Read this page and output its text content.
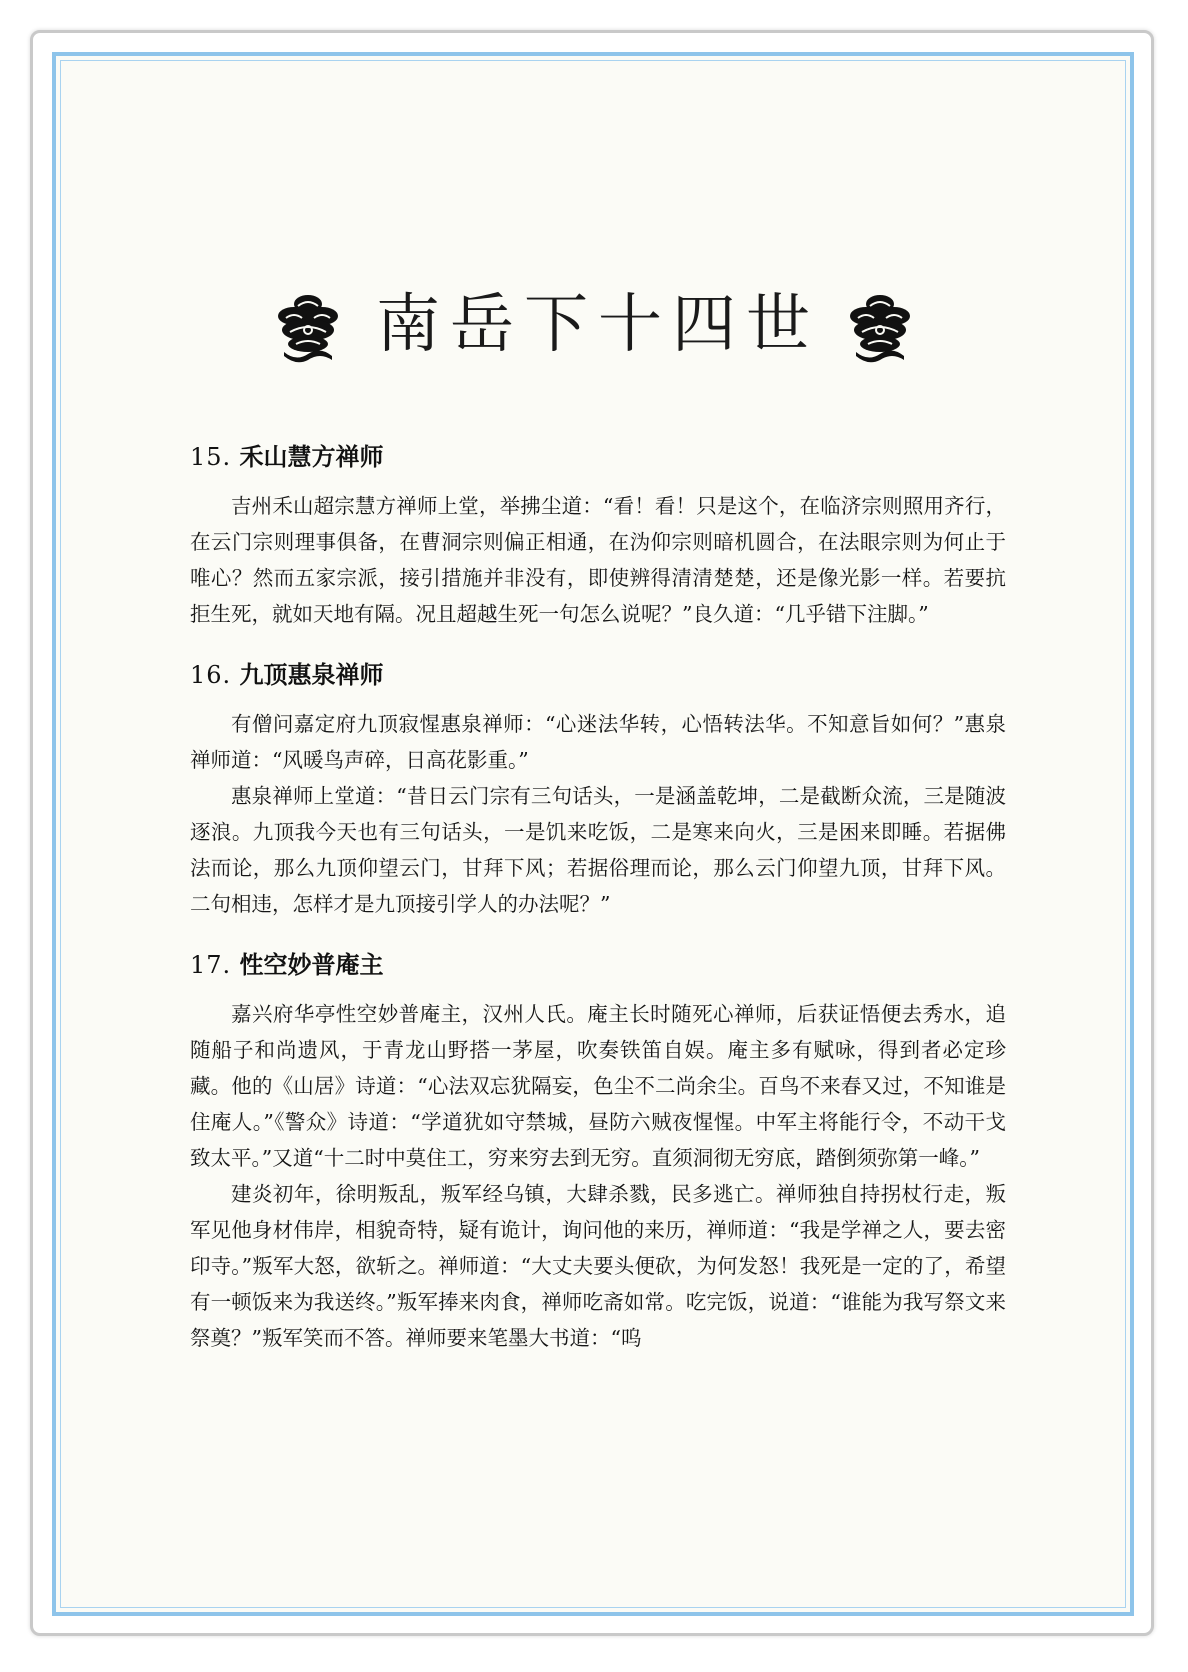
南岳下十四世
15. 禾山慧方禅师

吉州禾山超宗慧方禅师上堂，举拂尘道：“看！看！只是这个，在临济宗则照用齐行，在云门宗则理事俱备，在曹洞宗则偏正相通，在沩仰宗则暗机圆合，在法眼宗则为何止于唯心？然而五家宗派，接引措施并非没有，即使辨得清清楚楚，还是像光影一样。若要抗拒生死，就如天地有隔。况且超越生死一句怎么说呢？”良久道：“几乎错下注脚。”

16. 九顶惠泉禅师

有僧问嘉定府九顶寂惺惠泉禅师：“心迷法华转，心悟转法华。不知意旨如何？”惠泉禅师道：“风暖鸟声碎，日高花影重。”

惠泉禅师上堂道：“昔日云门宗有三句话头，一是涵盖乾坤，二是截断众流，三是随波逐浪。九顶我今天也有三句话头，一是饥来吃饭，二是寒来向火，三是困来即睡。若据佛法而论，那么九顶仰望云门，甘拜下风；若据俗理而论，那么云门仰望九顶，甘拜下风。二句相违，怎样才是九顶接引学人的办法呢？”

17. 性空妙普庵主

嘉兴府华亭性空妙普庵主，汉州人氏。庵主长时随死心禅师，后获证悟便去秀水，追随船子和尚遗风，于青龙山野搭一茅屋，吹奏铁笛自娱。庵主多有赋咏，得到者必定珍藏。他的《山居》诗道：“心法双忘犹隔妄，色尘不二尚余尘。百鸟不来春又过，不知谁是住庵人。”《警众》诗道：“学道犹如守禁城，昼防六贼夜惺惺。中军主将能行令，不动干戈致太平。”又道“十二时中莫住工，穷来穷去到无穷。直须洞彻无穷底，踏倒须弥第一峰。”

建炎初年，徐明叛乱，叛军经乌镇，大肆杀戮，民多逃亡。禅师独自持拐杖行走，叛军见他身材伟岸，相貌奇特，疑有诡计，询问他的来历，禅师道：“我是学禅之人，要去密印寺。”叛军大怒，欲斩之。禅师道：“大丈夫要头便砍，为何发怒！我死是一定的了，希望有一顿饭来为我送终。”叛军捧来肉食，禅师吃斋如常。吃完饭，说道：“谁能为我写祭文来祭奠？”叛军笑而不答。禅师要来笔墨大书道：“呜
